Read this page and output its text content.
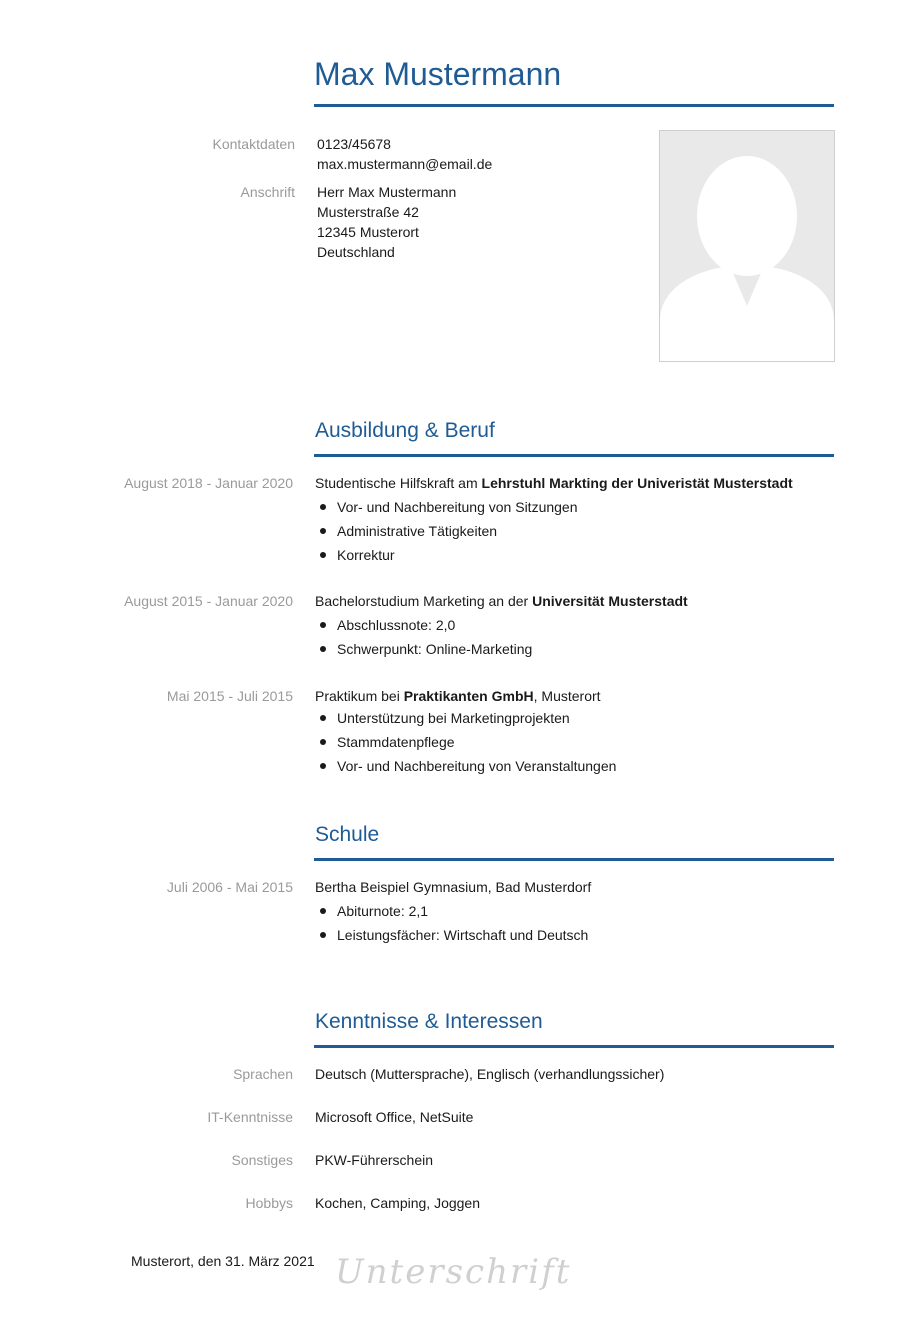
Max Mustermann
Kontaktdaten 0123/45678
max.mustermann@email.de
Anschrift Herr Max Mustermann
Musterstraße 42
12345 Musterort
Deutschland
Ausbildung & Beruf
August 2018 - Januar 2020 Studentische Hilfskraft am Lehrstuhl Markting der Univeristät Musterstadt
Vor- und Nachbereitung von Sitzungen
Administrative Tätigkeiten
Korrektur
August 2015 - Januar 2020 Bachelorstudium Marketing an der Universität Musterstadt
Abschlussnote: 2,0
Schwerpunkt: Online-Marketing
Mai 2015 - Juli 2015 Praktikum bei Praktikanten GmbH, Musterort
Unterstützung bei Marketingprojekten
Stammdatenpflege
Vor- und Nachbereitung von Veranstaltungen
Schule
Juli 2006 - Mai 2015 Bertha Beispiel Gymnasium, Bad Musterdorf
Abiturnote: 2,1
Leistungsfächer: Wirtschaft und Deutsch
Kenntnisse & Interessen
Sprachen Deutsch (Muttersprache), Englisch (verhandlungssicher)
IT-Kenntnisse Microsoft Office, NetSuite
Sonstiges PKW-Führerschein
Hobbys Kochen, Camping, Joggen
Musterort, den 31. März 2021 Unterschrift
